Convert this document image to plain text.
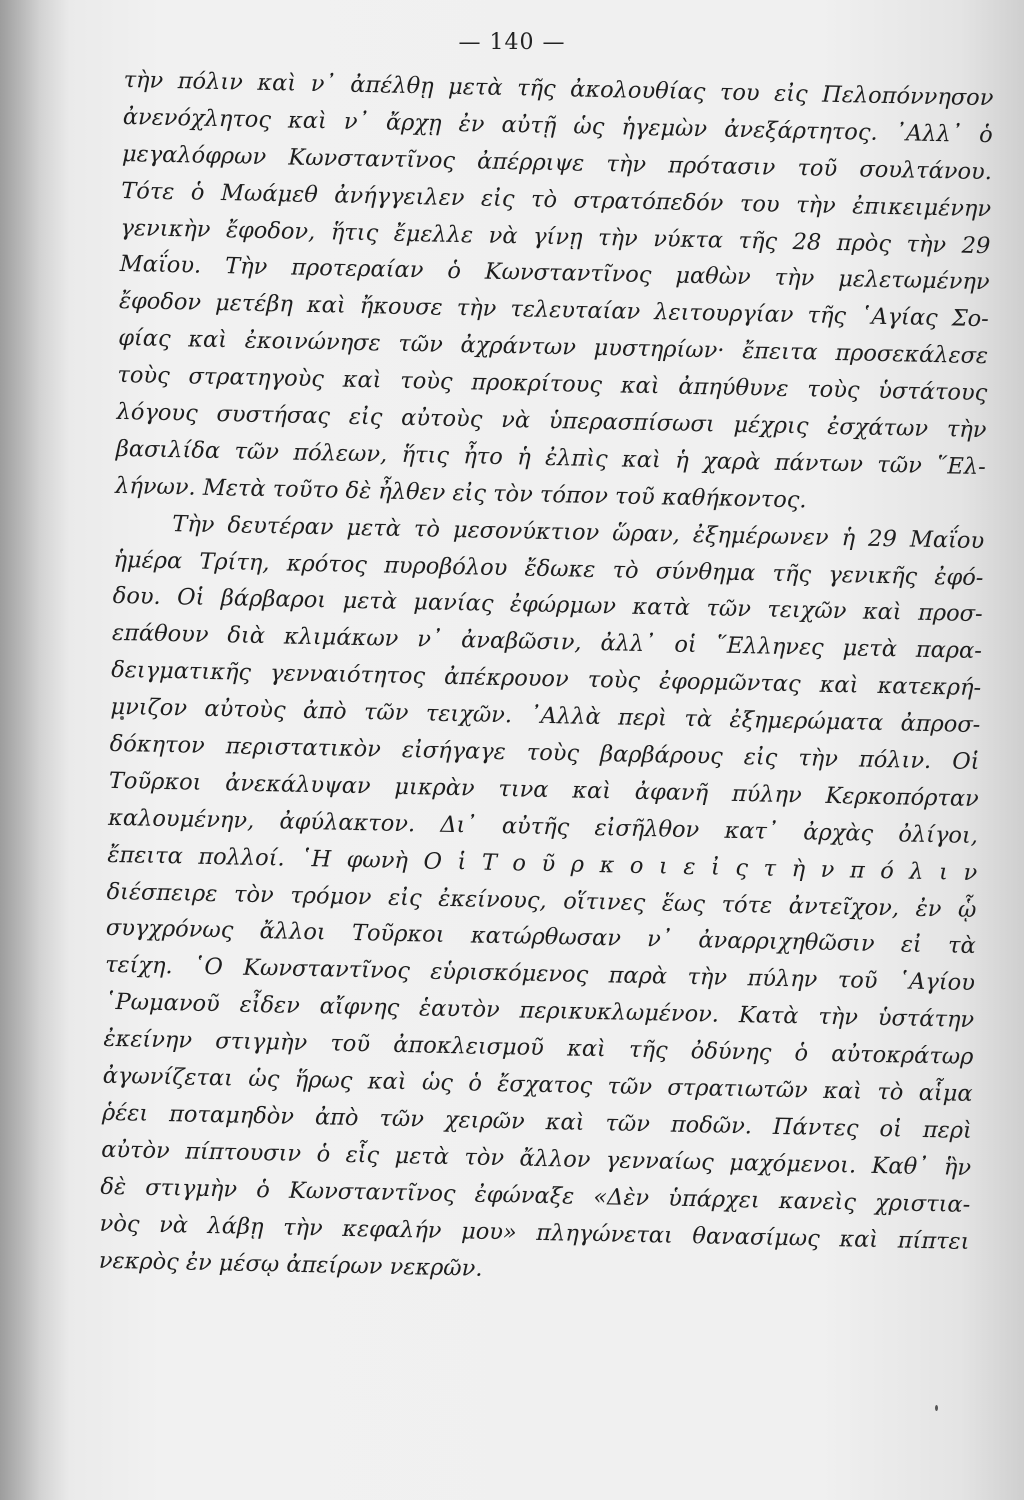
— 140 —
τὴν πόλιν καὶ ν᾿ ἀπέλθῃ μετὰ τῆς ἀκολουθίας του εἰς Πελοπόννησον
ἀνενόχλητος καὶ ν᾿ ἄρχῃ ἐν αὐτῇ ὡς ἡγεμὼν ἀνεξάρτητος. ᾿Αλλ᾿ ὁ
μεγαλόφρων Κωνσταντῖνος ἀπέρριψε τὴν πρότασιν τοῦ σουλτάνου.
Τότε ὁ Μωάμεθ ἀνήγγειλεν εἰς τὸ στρατόπεδόν του τὴν ἐπικειμένην
γενικὴν ἔφοδον, ἥτις ἔμελλε νὰ γίνῃ τὴν νύκτα τῆς 28 πρὸς τὴν 29
Μαΐου. Τὴν προτεραίαν ὁ Κωνσταντῖνος μαθὼν τὴν μελετωμένην
ἔφοδον μετέβη καὶ ἤκουσε τὴν τελευταίαν λειτουργίαν τῆς ῾Αγίας Σο-
φίας καὶ ἐκοινώνησε τῶν ἀχράντων μυστηρίων· ἔπειτα προσεκάλεσε
τοὺς στρατηγοὺς καὶ τοὺς προκρίτους καὶ ἀπηύθυνε τοὺς ὑστάτους
λόγους συστήσας εἰς αὐτοὺς νὰ ὑπερασπίσωσι μέχρις ἐσχάτων τὴν
βασιλίδα τῶν πόλεων, ἥτις ἦτο ἡ ἐλπὶς καὶ ἡ χαρὰ πάντων τῶν ῞Ελ-
λήνων. Μετὰ τοῦτο δὲ ἦλθεν εἰς τὸν τόπον τοῦ καθήκοντος.
Τὴν δευτέραν μετὰ τὸ μεσονύκτιον ὥραν, ἐξημέρωνεν ἡ 29 Μαΐου
ἡμέρα Τρίτη, κρότος πυροβόλου ἔδωκε τὸ σύνθημα τῆς γενικῆς ἐφό-
δου. Οἱ βάρβαροι μετὰ μανίας ἐφώρμων κατὰ τῶν τειχῶν καὶ προσ-
επάθουν διὰ κλιμάκων ν᾿ ἀναβῶσιν, ἀλλ᾿ οἱ ῞Ελληνες μετὰ παρα-
δειγματικῆς γενναιότητος ἀπέκρουον τοὺς ἐφορμῶντας καὶ κατεκρή-
μνιζον αὐτοὺς ἀπὸ τῶν τειχῶν. ᾿Αλλὰ περὶ τὰ ἐξημερώματα ἀπροσ-
δόκητον περιστατικὸν εἰσήγαγε τοὺς βαρβάρους εἰς τὴν πόλιν. Οἱ
Τοῦρκοι ἀνεκάλυψαν μικρὰν τινα καὶ ἀφανῆ πύλην Κερκοπόρταν
καλουμένην, ἀφύλακτον. Δι᾿ αὐτῆς εἰσῆλθον κατ᾿ ἀρχὰς ὀλίγοι,
ἔπειτα πολλοί. ῾Η φωνὴ Ο ἱ Τ ο ῦ ρ κ ο ι ε ἰ ς τ ὴ ν π ό λ ι ν
διέσπειρε τὸν τρόμον εἰς ἐκείνους, οἵτινες ἕως τότε ἀντεῖχον, ἐν ᾧ
συγχρόνως ἄλλοι Τοῦρκοι κατώρθωσαν ν᾿ ἀναρριχηθῶσιν εἰ τὰ
τείχη. ῾Ο Κωνσταντῖνος εὑρισκόμενος παρὰ τὴν πύλην τοῦ ῾Αγίου
῾Ρωμανοῦ εἶδεν αἴφνης ἑαυτὸν περικυκλωμένον. Κατὰ τὴν ὑστάτην
ἐκείνην στιγμὴν τοῦ ἀποκλεισμοῦ καὶ τῆς ὀδύνης ὁ αὐτοκράτωρ
ἀγωνίζεται ὡς ἥρως καὶ ὡς ὁ ἔσχατος τῶν στρατιωτῶν καὶ τὸ αἷμα
ῥέει ποταμηδὸν ἀπὸ τῶν χειρῶν καὶ τῶν ποδῶν. Πάντες οἱ περὶ
αὐτὸν πίπτουσιν ὁ εἷς μετὰ τὸν ἄλλον γενναίως μαχόμενοι. Καθ᾿ ἣν
δὲ στιγμὴν ὁ Κωνσταντῖνος ἐφώναξε «Δὲν ὑπάρχει κανεὶς χριστια-
νὸς νὰ λάβῃ τὴν κεφαλήν μου» πληγώνεται θανασίμως καὶ πίπτει
νεκρὸς ἐν μέσῳ ἀπείρων νεκρῶν.
